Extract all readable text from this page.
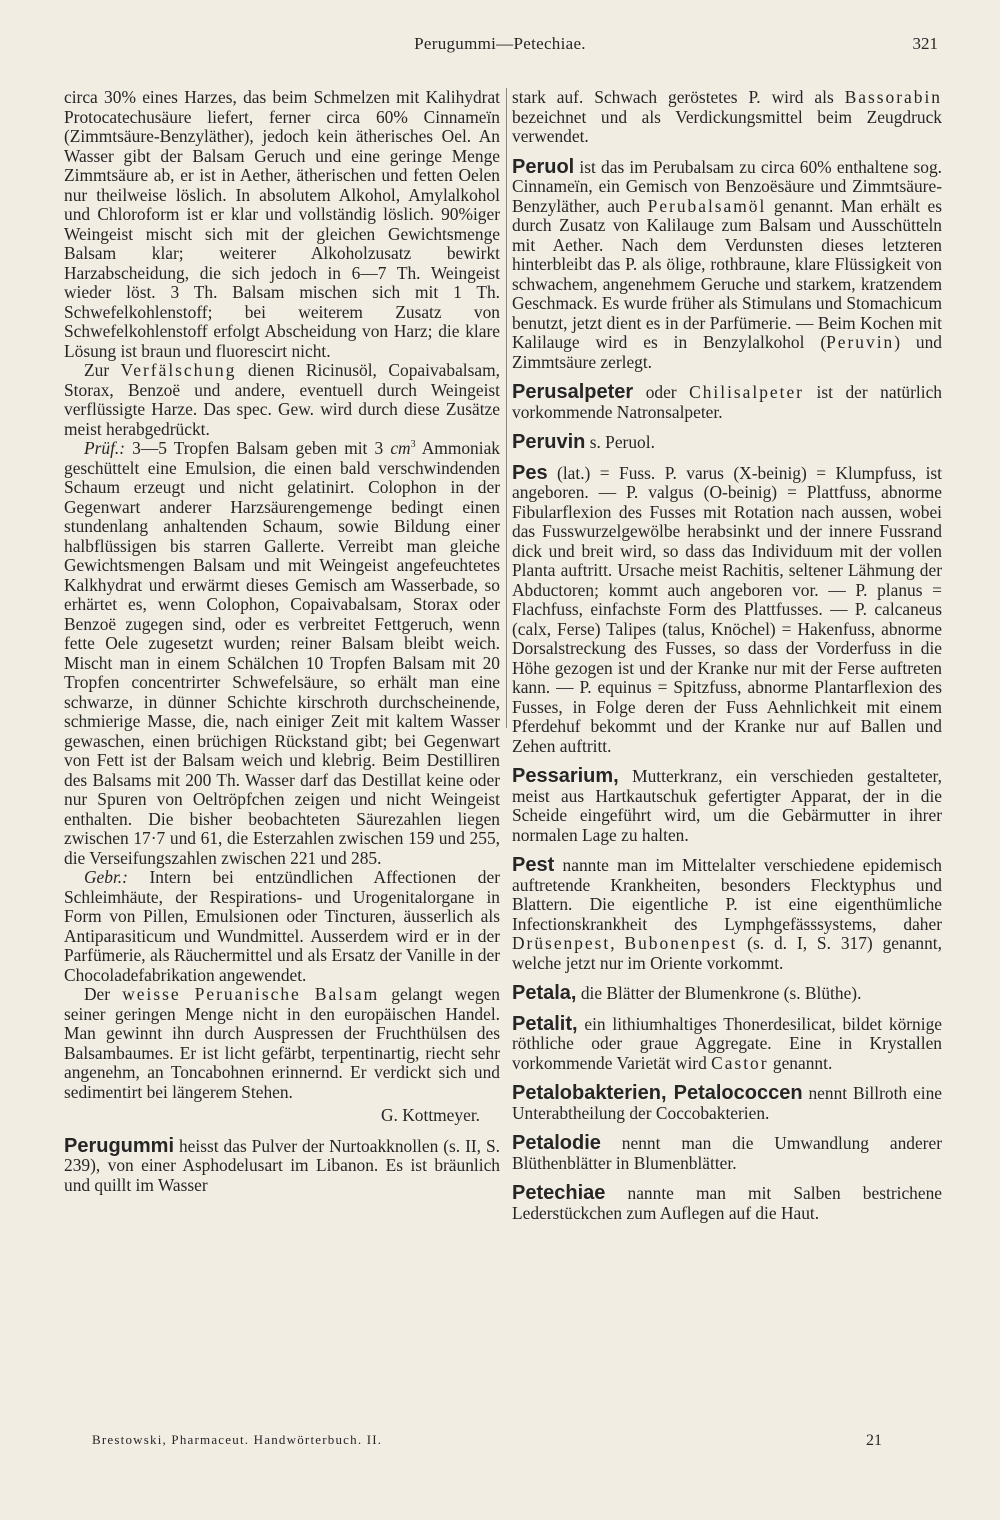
Perugummi—Petechiae.	321

circa 30% eines Harzes, das beim Schmelzen mit Kalihydrat Protocatechusäure liefert, ferner circa 60% Cinnameïn (Zimmtsäure-Benzyläther), jedoch kein ätherisches Oel. An Wasser gibt der Balsam Geruch und eine geringe Menge Zimmtsäure ab, er ist in Aether, ätherischen und fetten Oelen nur theilweise löslich. In absolutem Alkohol, Amylalkohol und Chloroform ist er klar und vollständig löslich. 90%iger Weingeist mischt sich mit der gleichen Gewichtsmenge Balsam klar; weiterer Alkoholzusatz bewirkt Harzabscheidung, die sich jedoch in 6—7 Th. Weingeist wieder löst. 3 Th. Balsam mischen sich mit 1 Th. Schwefelkohlenstoff; bei weiterem Zusatz von Schwefelkohlenstoff erfolgt Abscheidung von Harz; die klare Lösung ist braun und fluorescirt nicht.

Zur Verfälschung dienen Ricinusöl, Copaivabalsam, Storax, Benzoë und andere, eventuell durch Weingeist verflüssigte Harze. Das spec. Gew. wird durch diese Zusätze meist herabgedrückt.

Prüf.: 3—5 Tropfen Balsam geben mit 3 $cm^3$ Ammoniak geschüttelt eine Emulsion, die einen bald verschwindenden Schaum erzeugt und nicht gelatinirt. Colophon in der Gegenwart anderer Harzsäurengemenge bedingt einen stundenlang anhaltenden Schaum, sowie Bildung einer halbflüssigen bis starren Gallerte. Verreibt man gleiche Gewichtsmengen Balsam und mit Weingeist angefeuchtetes Kalkhydrat und erwärmt dieses Gemisch am Wasserbade, so erhärtet es, wenn Colophon, Copaivabalsam, Storax oder Benzoë zugegen sind, oder es verbreitet Fettgeruch, wenn fette Oele zugesetzt wurden; reiner Balsam bleibt weich. Mischt man in einem Schälchen 10 Tropfen Balsam mit 20 Tropfen concentrirter Schwefelsäure, so erhält man eine schwarze, in dünner Schichte kirschroth durchscheinende, schmierige Masse, die, nach einiger Zeit mit kaltem Wasser gewaschen, einen brüchigen Rückstand gibt; bei Gegenwart von Fett ist der Balsam weich und klebrig. Beim Destilliren des Balsams mit 200 Th. Wasser darf das Destillat keine oder nur Spuren von Oeltröpfchen zeigen und nicht Weingeist enthalten. Die bisher beobachteten Säurezahlen liegen zwischen 17·7 und 61, die Esterzahlen zwischen 159 und 255, die Verseifungszahlen zwischen 221 und 285.

Gebr.: Intern bei entzündlichen Affectionen der Schleimhäute, der Respirations- und Urogenitalorgane in Form von Pillen, Emulsionen oder Tincturen, äusserlich als Antiparasiticum und Wundmittel. Ausserdem wird er in der Parfümerie, als Räuchermittel und als Ersatz der Vanille in der Chocoladefabrikation angewendet.

Der weisse Peruanische Balsam gelangt wegen seiner geringen Menge nicht in den europäischen Handel. Man gewinnt ihn durch Auspressen der Fruchthülsen des Balsambaumes. Er ist licht gefärbt, terpentinartig, riecht sehr angenehm, an Toncabohnen erinnernd. Er verdickt sich und sedimentirt bei längerem Stehen.

G. Kottmeyer.

Perugummi heisst das Pulver der Nurtoakknollen (s. II, S. 239), von einer Asphodelusart im Libanon. Es ist bräunlich und quillt im Wasser

stark auf. Schwach geröstetes P. wird als Bassorabin bezeichnet und als Verdickungsmittel beim Zeugdruck verwendet.

Peruol ist das im Perubalsam zu circa 60% enthaltene sog. Cinnameïn, ein Gemisch von Benzoësäure und Zimmtsäure-Benzyläther, auch Perubalsamöl genannt. Man erhält es durch Zusatz von Kalilauge zum Balsam und Ausschütteln mit Aether. Nach dem Verdunsten dieses letzteren hinterbleibt das P. als ölige, rothbraune, klare Flüssigkeit von schwachem, angenehmem Geruche und starkem, kratzendem Geschmack. Es wurde früher als Stimulans und Stomachicum benutzt, jetzt dient es in der Parfümerie. — Beim Kochen mit Kalilauge wird es in Benzylalkohol (Peruvin) und Zimmtsäure zerlegt.

Perusalpeter oder Chilisalpeter ist der natürlich vorkommende Natronsalpeter.

Peruvin s. Peruol.

Pes (lat.) = Fuss. P. varus (X-beinig) = Klumpfuss, ist angeboren. — P. valgus (O-beinig) = Plattfuss, abnorme Fibularflexion des Fusses mit Rotation nach aussen, wobei das Fusswurzelgewölbe herabsinkt und der innere Fussrand dick und breit wird, so dass das Individuum mit der vollen Planta auftritt. Ursache meist Rachitis, seltener Lähmung der Abductoren; kommt auch angeboren vor. — P. planus = Flachfuss, einfachste Form des Plattfusses. — P. calcaneus (calx, Ferse) Talipes (talus, Knöchel) = Hakenfuss, abnorme Dorsalstreckung des Fusses, so dass der Vorderfuss in die Höhe gezogen ist und der Kranke nur mit der Ferse auftreten kann. — P. equinus = Spitzfuss, abnorme Plantarflexion des Fusses, in Folge deren der Fuss Aehnlichkeit mit einem Pferdehuf bekommt und der Kranke nur auf Ballen und Zehen auftritt.

Pessarium, Mutterkranz, ein verschieden gestalteter, meist aus Hartkautschuk gefertigter Apparat, der in die Scheide eingeführt wird, um die Gebärmutter in ihrer normalen Lage zu halten.

Pest nannte man im Mittelalter verschiedene epidemisch auftretende Krankheiten, besonders Flecktyphus und Blattern. Die eigentliche P. ist eine eigenthümliche Infectionskrankheit des Lymphgefässsystems, daher Drüsenpest, Bubonenpest (s. d. I, S. 317) genannt, welche jetzt nur im Oriente vorkommt.

Petala, die Blätter der Blumenkrone (s. Blüthe).

Petalit, ein lithiumhaltiges Thonerdesilicat, bildet körnige röthliche oder graue Aggregate. Eine in Krystallen vorkommende Varietät wird Castor genannt.

Petalobakterien, Petalococcen nennt Billroth eine Unterabtheilung der Coccobakterien.

Petalodie nennt man die Umwandlung anderer Blüthenblätter in Blumenblätter.

Petechiae nannte man mit Salben bestrichene Lederstückchen zum Auflegen auf die Haut.

Brestowski, Pharmaceut. Handwörterbuch. II.	21
